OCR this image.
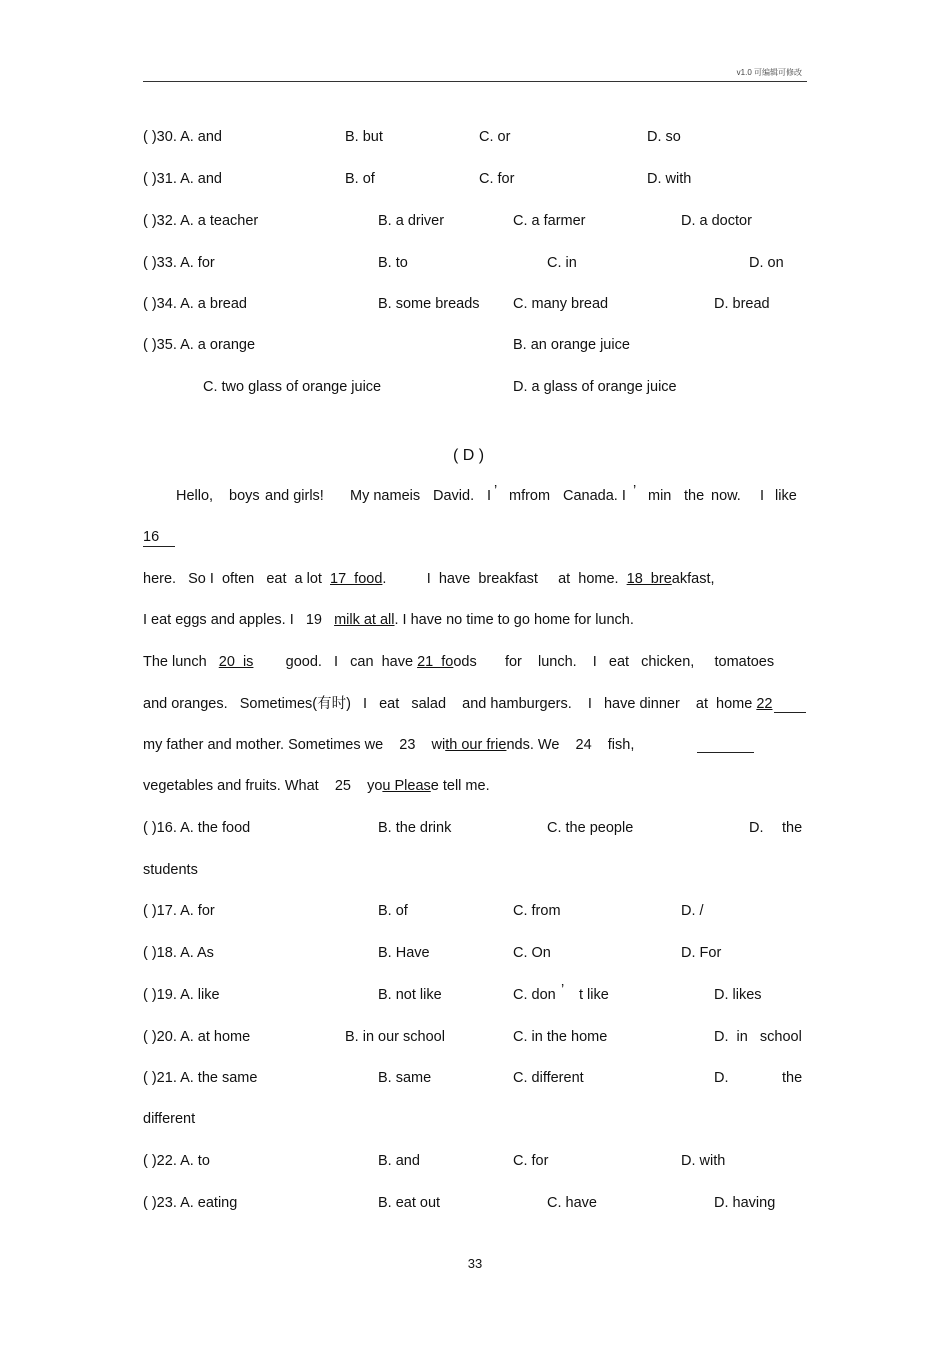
v1.0 可编辑可修改
( )30. A. and	B. but	C. or	D. so
( )31. A. and	B. of	C. for	D. with
( )32. A. a teacher	B. a driver	C. a farmer	D. a doctor
( )33. A. for	B. to	C. in	D. on
( )34. A. a bread	B. some breads C. many bread	D. bread
( )35. A. a orange	B. an orange juice
C. two glass of orange juice	D. a glass of orange juice
( D )
Hello, boys and girls! My nameis David. I ’ mfrom Canada. I ’ min the now. I like
16
here.   So I  often   eat  a lot  17  food.          I  have  breakfast     at  home.  18  breakfast,
I eat eggs and apples. I   19   milk at all. I have no time to go home for lunch.
The lunch   20  is good.   I   can  have 21  foods       for    lunch.    I   eat   chicken,     tomatoes
and oranges.   Sometimes(有时)   I   eat   salad    and hamburgers.    I   have dinner    at  home 22
my father and mother. Sometimes we    23    with our friends. We    24    fish,
vegetables and fruits. What    25    you Please tell me.
( )16. A. the food	B. the drink	C. the people	D. the
students
( )17. A. for	B. of	C. from	D. /
( )18. A. As	B. Have	C. On	D. For
( )19. A. like	B. not like	C. don ’ t like	D. likes
( )20. A. at home	B. in our school	C. in the home	D.  in   school
( )21. A. the same	B. same	C. different	D.	the
different
( )22. A. to	B. and	C. for	D. with
( )23. A. eating	B. eat out	C. have	D. having
33
